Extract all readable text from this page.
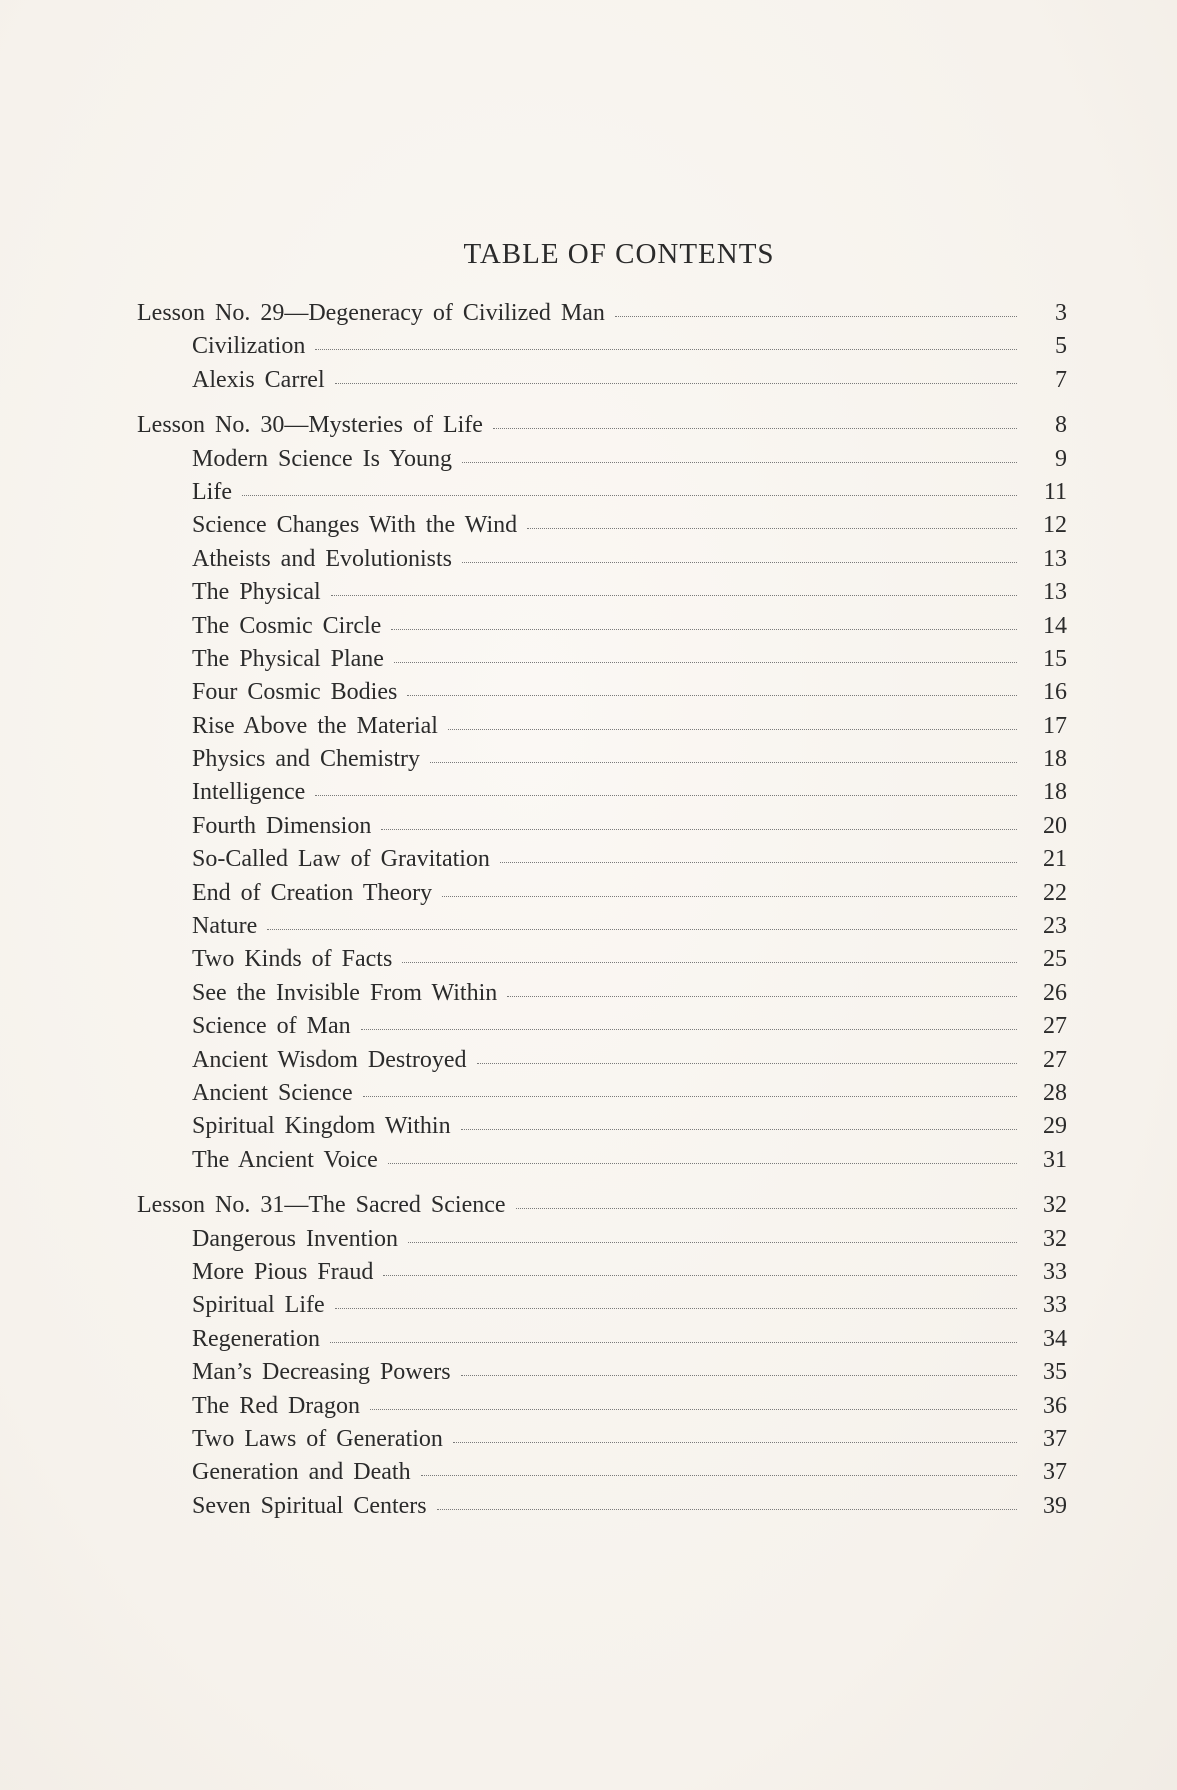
TABLE OF CONTENTS
Lesson No. 29—Degeneracy of Civilized Man	3
Civilization	5
Alexis Carrel	7
Lesson No. 30—Mysteries of Life	8
Modern Science Is Young	9
Life	11
Science Changes With the Wind	12
Atheists and Evolutionists	13
The Physical	13
The Cosmic Circle	14
The Physical Plane	15
Four Cosmic Bodies	16
Rise Above the Material	17
Physics and Chemistry	18
Intelligence	18
Fourth Dimension	20
So-Called Law of Gravitation	21
End of Creation Theory	22
Nature	23
Two Kinds of Facts	25
See the Invisible From Within	26
Science of Man	27
Ancient Wisdom Destroyed	27
Ancient Science	28
Spiritual Kingdom Within	29
The Ancient Voice	31
Lesson No. 31—The Sacred Science	32
Dangerous Invention	32
More Pious Fraud	33
Spiritual Life	33
Regeneration	34
Man’s Decreasing Powers	35
The Red Dragon	36
Two Laws of Generation	37
Generation and Death	37
Seven Spiritual Centers	39
